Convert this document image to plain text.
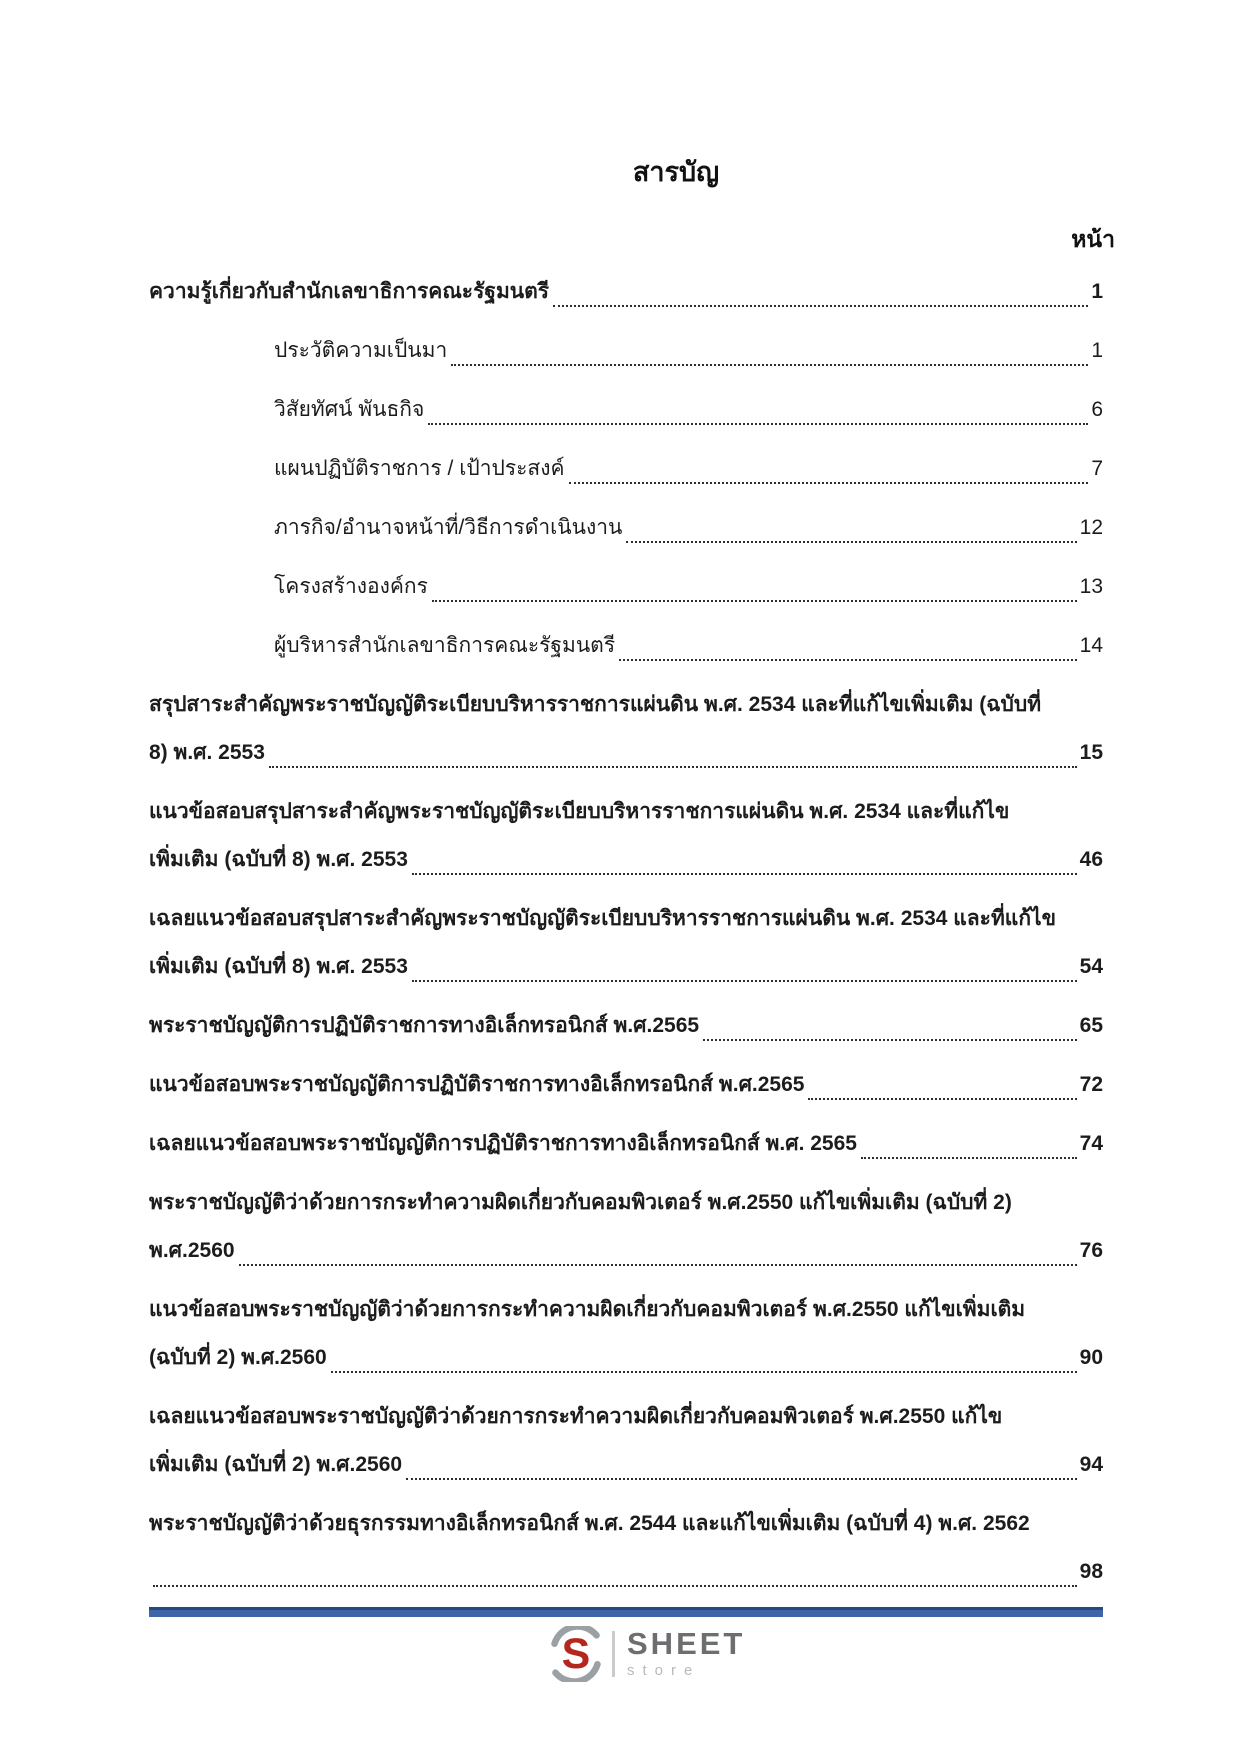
สารบัญ
หน้า
ความรู้เกี่ยวกับสำนักเลขาธิการคณะรัฐมนตรี	1
ประวัติความเป็นมา	1
วิสัยทัศน์ พันธกิจ	6
แผนปฏิบัติราชการ / เป้าประสงค์	7
ภารกิจ/อำนาจหน้าที่/วิธีการดำเนินงาน	12
โครงสร้างองค์กร	13
ผู้บริหารสำนักเลขาธิการคณะรัฐมนตรี	14
สรุปสาระสำคัญพระราชบัญญัติระเบียบบริหารราชการแผ่นดิน พ.ศ. 2534 และที่แก้ไขเพิ่มเติม (ฉบับที่
8) พ.ศ. 2553	15
แนวข้อสอบสรุปสาระสำคัญพระราชบัญญัติระเบียบบริหารราชการแผ่นดิน พ.ศ. 2534 และที่แก้ไข
เพิ่มเติม (ฉบับที่ 8) พ.ศ. 2553	46
เฉลยแนวข้อสอบสรุปสาระสำคัญพระราชบัญญัติระเบียบบริหารราชการแผ่นดิน พ.ศ. 2534 และที่แก้ไข
เพิ่มเติม (ฉบับที่ 8) พ.ศ. 2553	54
พระราชบัญญัติการปฏิบัติราชการทางอิเล็กทรอนิกส์ พ.ศ.2565	65
แนวข้อสอบพระราชบัญญัติการปฏิบัติราชการทางอิเล็กทรอนิกส์ พ.ศ.2565	72
เฉลยแนวข้อสอบพระราชบัญญัติการปฏิบัติราชการทางอิเล็กทรอนิกส์ พ.ศ. 2565	74
พระราชบัญญัติว่าด้วยการกระทำความผิดเกี่ยวกับคอมพิวเตอร์ พ.ศ.2550 แก้ไขเพิ่มเติม (ฉบับที่ 2)
พ.ศ.2560	76
แนวข้อสอบพระราชบัญญัติว่าด้วยการกระทำความผิดเกี่ยวกับคอมพิวเตอร์ พ.ศ.2550 แก้ไขเพิ่มเติม
(ฉบับที่ 2) พ.ศ.2560	90
เฉลยแนวข้อสอบพระราชบัญญัติว่าด้วยการกระทำความผิดเกี่ยวกับคอมพิวเตอร์ พ.ศ.2550 แก้ไข
เพิ่มเติม (ฉบับที่ 2) พ.ศ.2560	94
พระราชบัญญัติว่าด้วยธุรกรรมทางอิเล็กทรอนิกส์ พ.ศ. 2544 และแก้ไขเพิ่มเติม (ฉบับที่ 4) พ.ศ. 2562
98
S SHEET
store
